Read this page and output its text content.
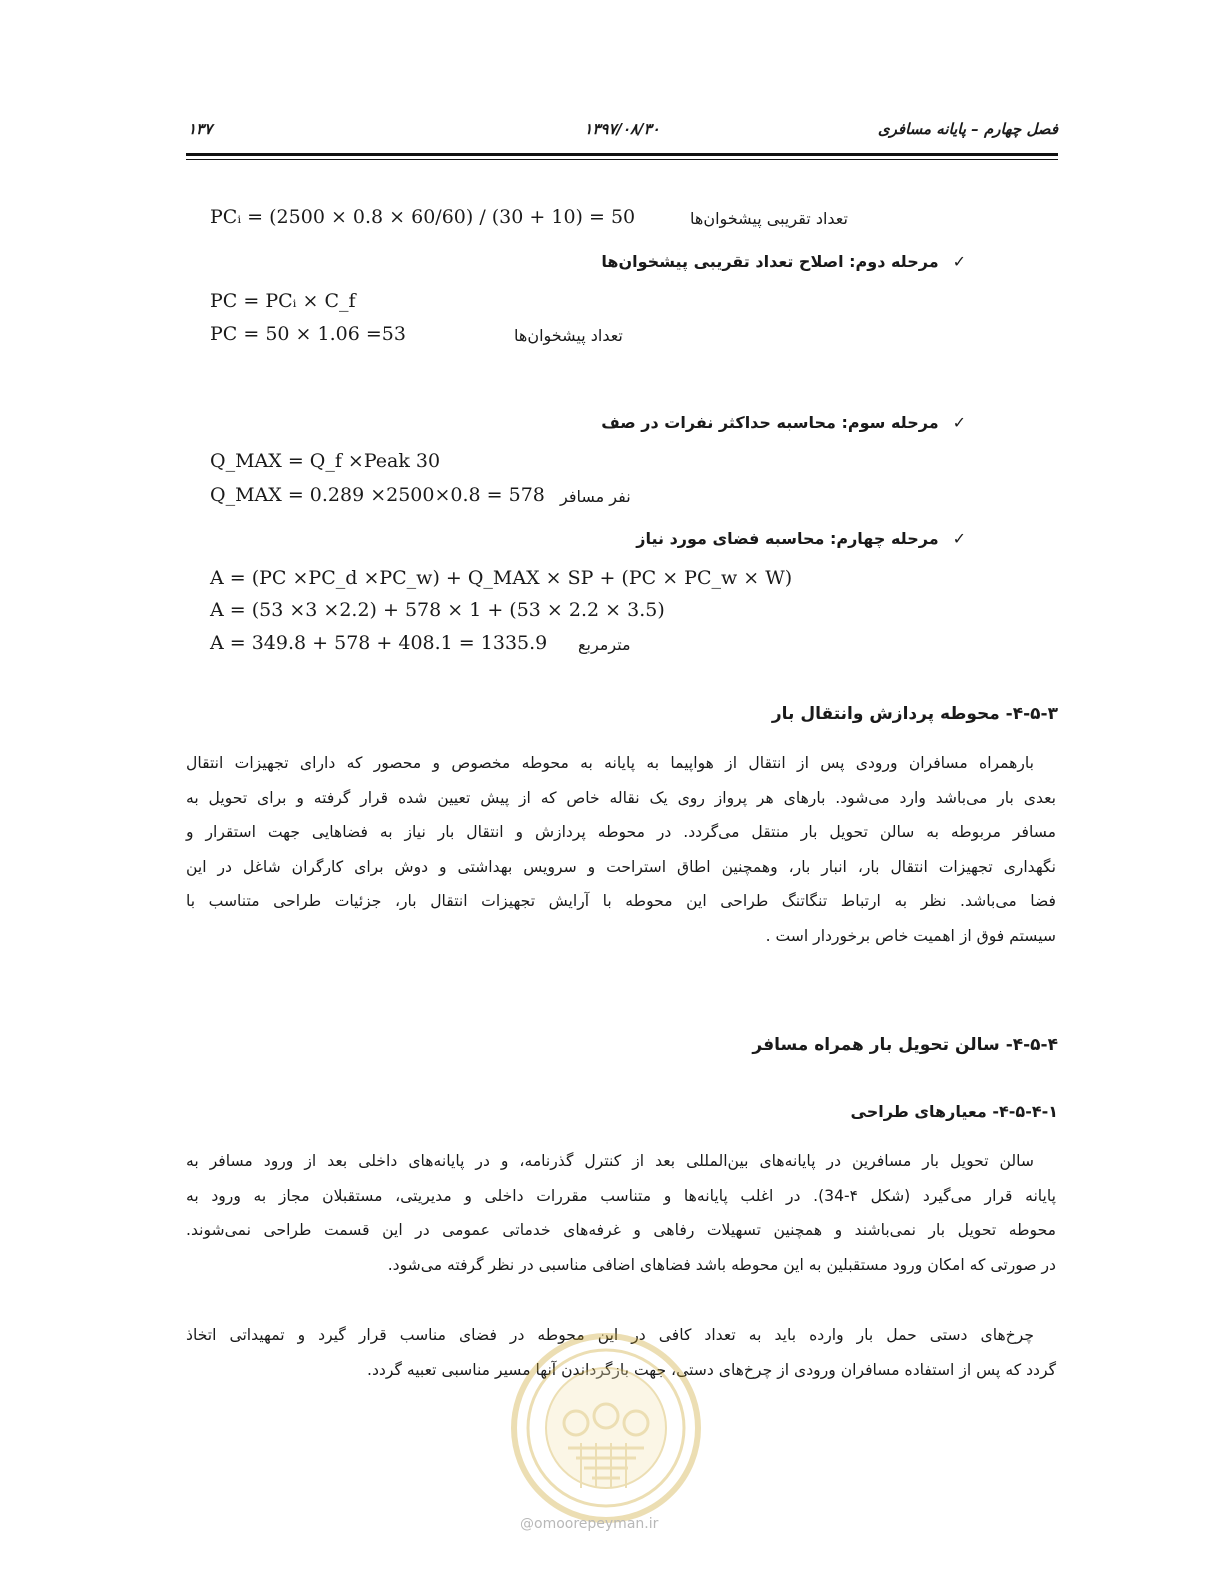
فصل چهارم – پایانه مسافری
۱۳۹۷/۰۸/۳۰
۱۳۷
PCᵢ = (2500 × 0.8 × 60/60) / (30 + 10) = 50	تعداد تقریبی پیشخوان‌ها
✓مرحله دوم: اصلاح تعداد تقریبی پیشخوان‌ها
PC = PCᵢ × C_f
PC = 50 × 1.06 =53	تعداد پیشخوان‌ها
✓مرحله سوم: محاسبه حداکثر نفرات در صف
Q_MAX = Q_f ×Peak 30
Q_MAX = 0.289 ×2500×0.8 = 578 نفر مسافر
✓مرحله چهارم: محاسبه فضای مورد نیاز
A = (PC ×PC_d ×PC_w) + Q_MAX × SP + (PC × PC_w × W)
A = (53 ×3 ×2.2) + 578 × 1 + (53 × 2.2 × 3.5)
A = 349.8 + 578 + 408.1 = 1335.9 مترمربع
۴-۵-۳- محوطه پردازش وانتقال بار
بارهمراه مسافران ورودی پس از انتقال از هواپیما به پایانه به محوطه مخصوص و محصور که دارای تجهیزات انتقال
بعدی بار می‌باشد وارد می‌شود. بارهای هر پرواز روی یک نقاله خاص که از پیش تعیین شده قرار گرفته و برای تحویل به
مسافر مربوطه به سالن تحویل بار منتقل می‌گردد. در محوطه پردازش و انتقال بار نیاز به فضاهایی جهت استقرار و
نگهداری تجهیزات انتقال بار، انبار بار، وهمچنین اطاق استراحت و سرویس بهداشتی و دوش برای کارگران شاغل در این
فضا می‌باشد. نظر به ارتباط تنگاتنگ طراحی این محوطه با آرایش تجهیزات انتقال بار، جزئیات طراحی متناسب با
سیستم فوق از اهمیت خاص برخوردار است .
۴-۵-۴- سالن تحویل بار همراه مسافر
۴-۵-۴-۱- معیارهای طراحی
سالن تحویل بار مسافرین در پایانه‌های بین‌المللی بعد از کنترل گذرنامه، و در پایانه‌های داخلی بعد از ورود مسافر به
پایانه قرار می‌گیرد (شکل ۴-34). در اغلب پایانه‌ها و متناسب مقررات داخلی و مدیریتی، مستقبلان مجاز به ورود به
محوطه تحویل بار نمی‌باشند و همچنین تسهیلات رفاهی و غرفه‌های خدماتی عمومی در این قسمت طراحی نمی‌شوند.
در صورتی که امکان ورود مستقبلین به این محوطه باشد فضاهای اضافی مناسبی در نظر گرفته می‌شود.
چرخ‌های دستی حمل بار وارده باید به تعداد کافی در این محوطه در فضای مناسب قرار گیرد و تمهیداتی اتخاذ
گردد که پس از استفاده مسافران ورودی از چرخ‌های دستی، جهت بازگرداندن آنها مسیر مناسبی تعبیه گردد.
@omoorepeyman.ir
